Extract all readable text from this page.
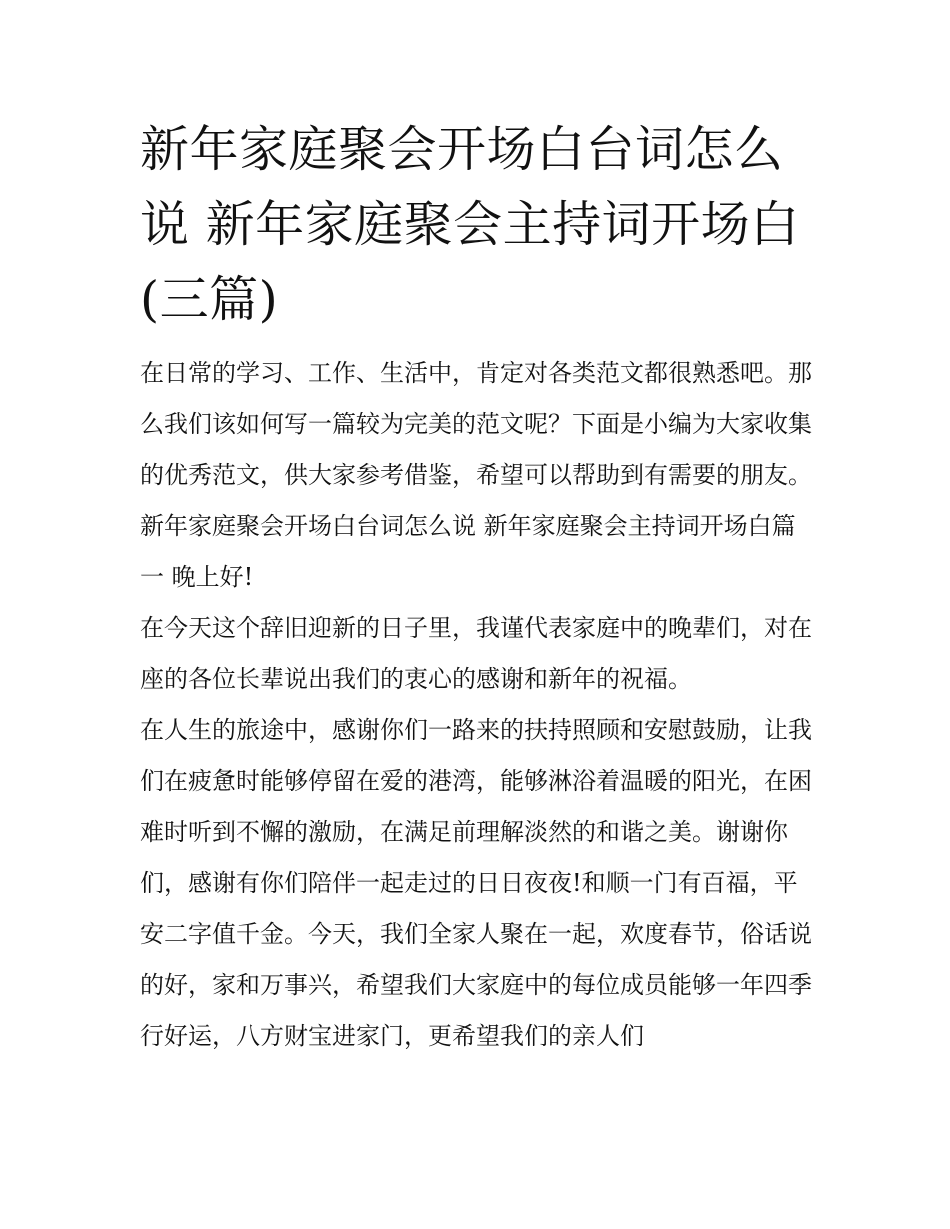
新年家庭聚会开场白台词怎么说 新年家庭聚会主持词开场白(三篇)

在日常的学习、工作、生活中，肯定对各类范文都很熟悉吧。那么我们该如何写一篇较为完美的范文呢？下面是小编为大家收集的优秀范文，供大家参考借鉴，希望可以帮助到有需要的朋友。

新年家庭聚会开场白台词怎么说 新年家庭聚会主持词开场白篇一 晚上好!

在今天这个辞旧迎新的日子里，我谨代表家庭中的晚辈们，对在座的各位长辈说出我们的衷心的感谢和新年的祝福。

在人生的旅途中，感谢你们一路来的扶持照顾和安慰鼓励，让我们在疲惫时能够停留在爱的港湾，能够淋浴着温暖的阳光，在困难时听到不懈的激励，在满足前理解淡然的和谐之美。谢谢你们，感谢有你们陪伴一起走过的日日夜夜!和顺一门有百福，平安二字值千金。今天，我们全家人聚在一起，欢度春节，俗话说的好，家和万事兴，希望我们大家庭中的每位成员能够一年四季行好运，八方财宝进家门，更希望我们的亲人们
